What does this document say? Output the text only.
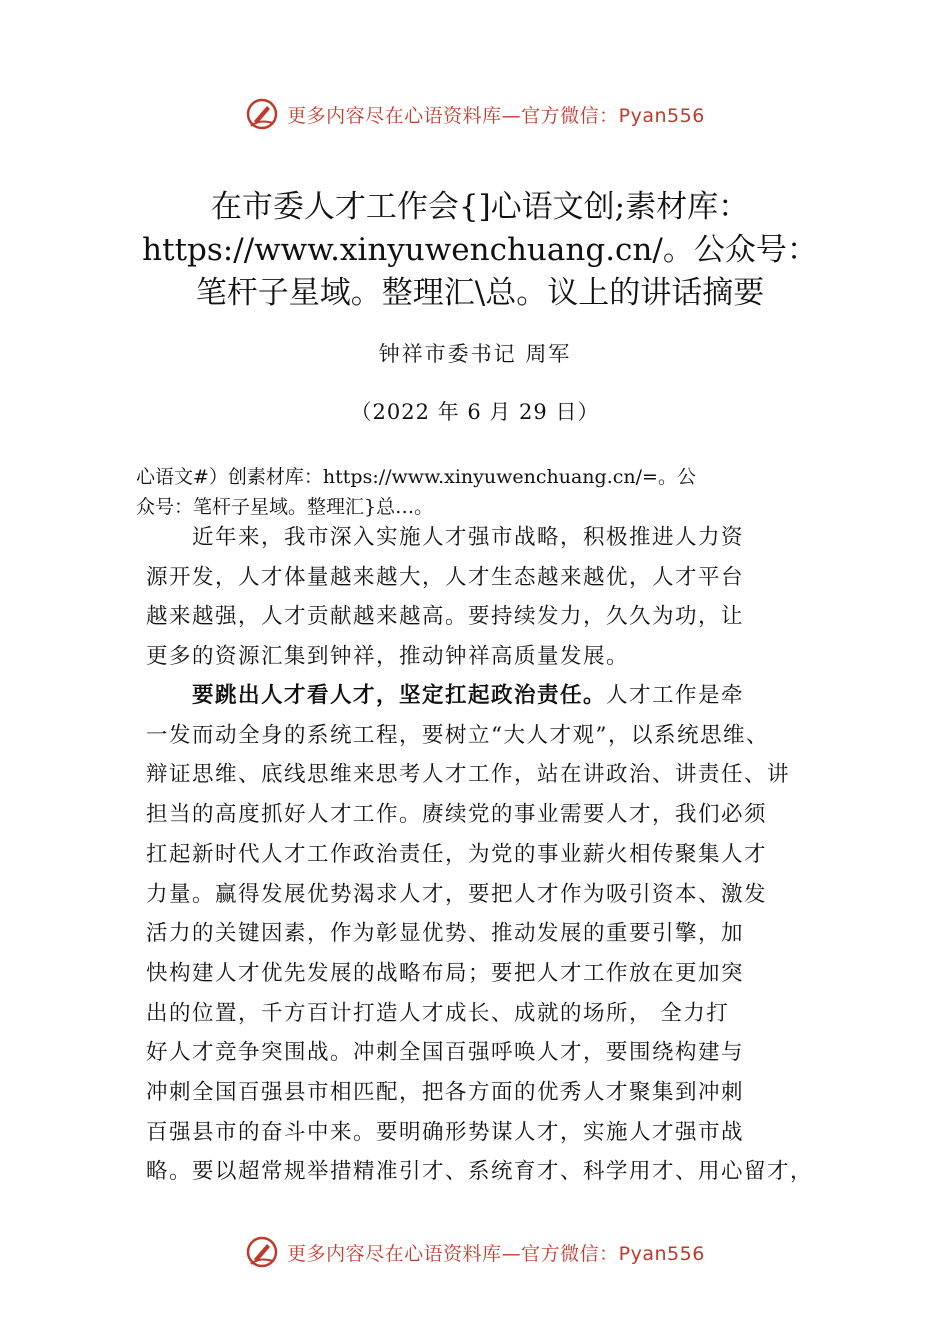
更多内容尽在心语资料库—官方微信：Pyan556
在市委人才工作会{]心语文创;素材库：
https://www.xinyuwenchuang.cn/。公众号：
笔杆子星域。整理汇\总。议上的讲话摘要
钟祥市委书记 周军
（2022 年 6 月 29 日）
心语文#）创素材库：https://www.xinyuwenchuang.cn/=。公
众号：笔杆子星域。整理汇}总…。
　　近年来，我市深入实施人才强市战略，积极推进人力资
源开发，人才体量越来越大，人才生态越来越优，人才平台
越来越强，人才贡献越来越高。要持续发力，久久为功，让
更多的资源汇集到钟祥，推动钟祥高质量发展。
　　要跳出人才看人才，坚定扛起政治责任。人才工作是牵
一发而动全身的系统工程，要树立“大人才观”，以系统思维、
辩证思维、底线思维来思考人才工作，站在讲政治、讲责任、讲
担当的高度抓好人才工作。赓续党的事业需要人才，我们必须
扛起新时代人才工作政治责任，为党的事业薪火相传聚集人才
力量。赢得发展优势渴求人才，要把人才作为吸引资本、激发
活力的关键因素，作为彰显优势、推动发展的重要引擎，加
快构建人才优先发展的战略布局；要把人才工作放在更加突
出的位置，千方百计打造人才成长、成就的场所， 全力打
好人才竞争突围战。冲刺全国百强呼唤人才，要围绕构建与
冲刺全国百强县市相匹配，把各方面的优秀人才聚集到冲刺
百强县市的奋斗中来。要明确形势谋人才，实施人才强市战
略。要以超常规举措精准引才、系统育才、科学用才、用心留才，
更多内容尽在心语资料库—官方微信：Pyan556
